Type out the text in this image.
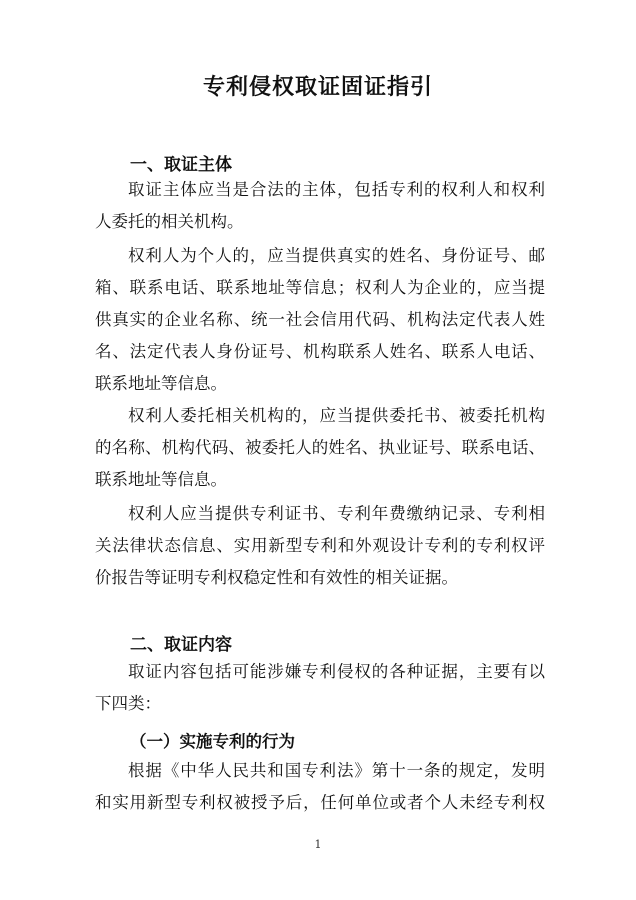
专利侵权取证固证指引
一、取证主体
取证主体应当是合法的主体，包括专利的权利人和权利
人委托的相关机构。
权利人为个人的，应当提供真实的姓名、身份证号、邮
箱、联系电话、联系地址等信息；权利人为企业的，应当提
供真实的企业名称、统一社会信用代码、机构法定代表人姓
名、法定代表人身份证号、机构联系人姓名、联系人电话、
联系地址等信息。
权利人委托相关机构的，应当提供委托书、被委托机构
的名称、机构代码、被委托人的姓名、执业证号、联系电话、
联系地址等信息。
权利人应当提供专利证书、专利年费缴纳记录、专利相
关法律状态信息、实用新型专利和外观设计专利的专利权评
价报告等证明专利权稳定性和有效性的相关证据。
二、取证内容
取证内容包括可能涉嫌专利侵权的各种证据，主要有以
下四类：
（一）实施专利的行为
根据《中华人民共和国专利法》第十一条的规定，发明
和实用新型专利权被授予后，任何单位或者个人未经专利权
1
